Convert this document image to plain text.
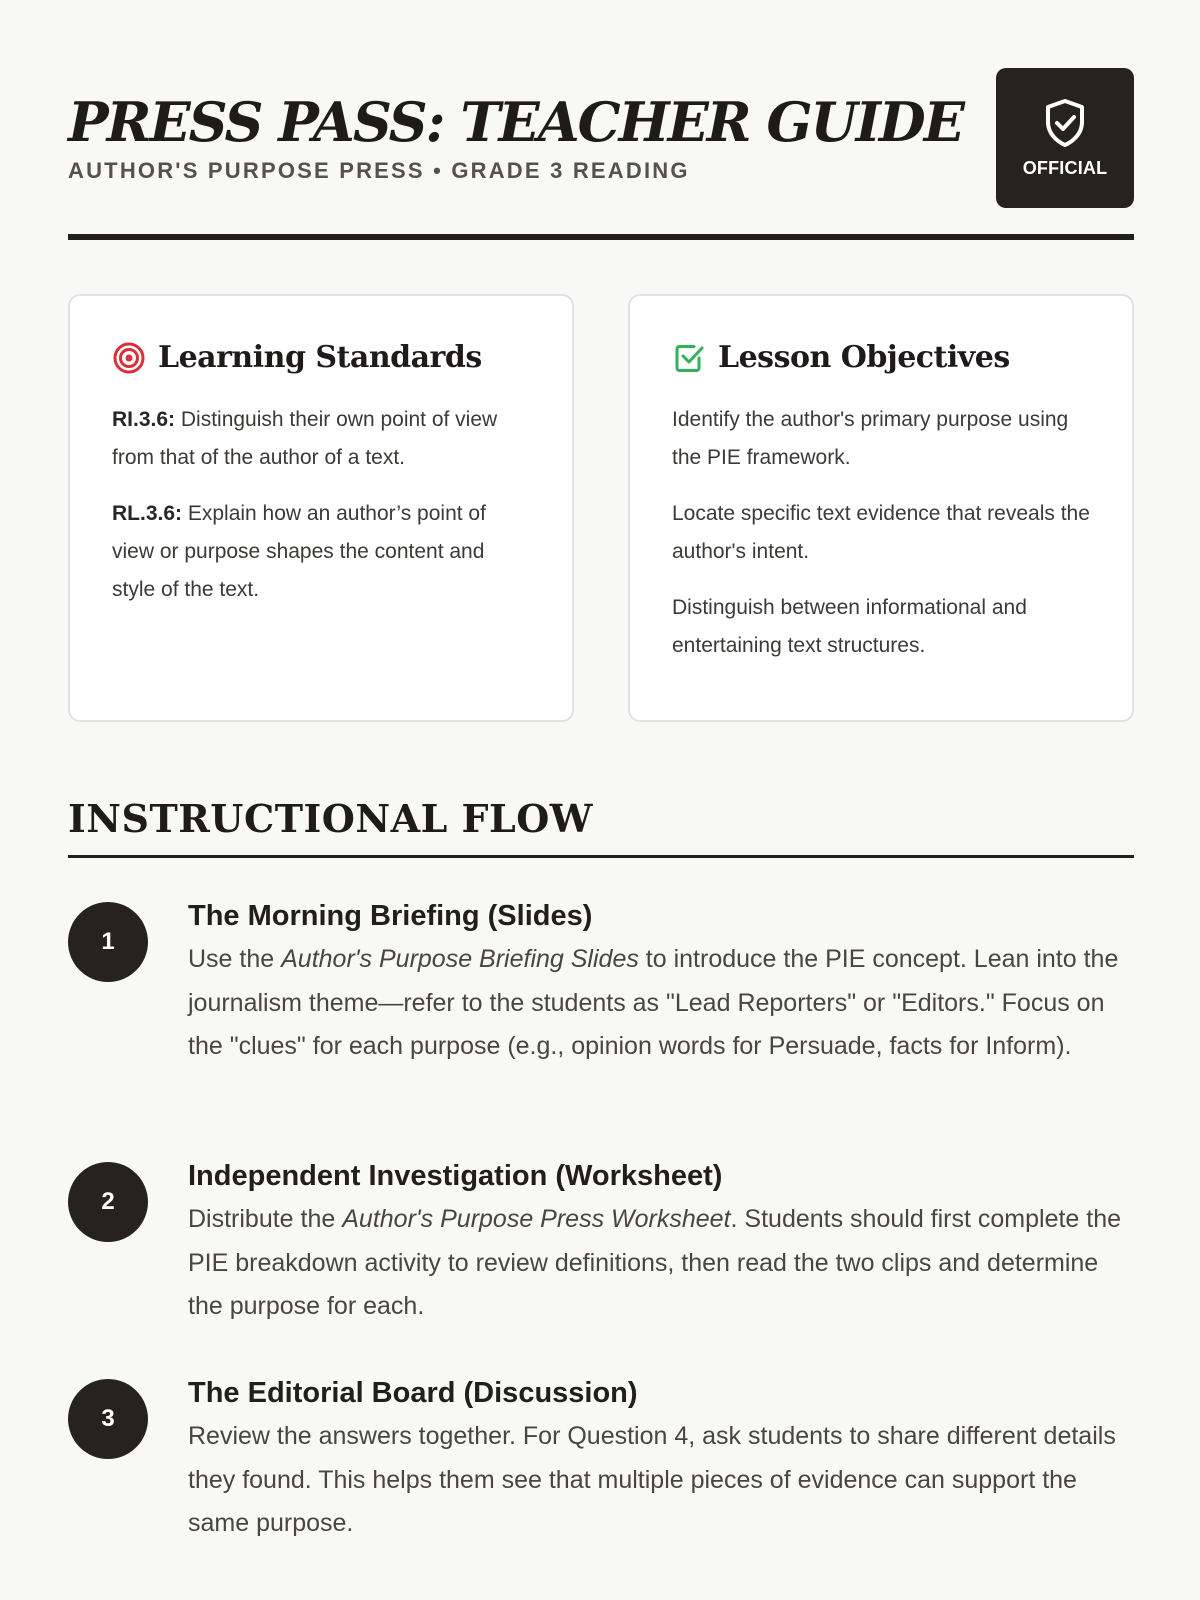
PRESS PASS: TEACHER GUIDE
AUTHOR'S PURPOSE PRESS • GRADE 3 READING	OFFICIAL
Learning Standards

RI.3.6: Distinguish their own point of view from that of the author of a text.

RL.3.6: Explain how an author’s point of view or purpose shapes the content and style of the text.

Lesson Objectives

Identify the author's primary purpose using the PIE framework.

Locate specific text evidence that reveals the author's intent.

Distinguish between informational and entertaining text structures.

INSTRUCTIONAL FLOW
1
The Morning Briefing (Slides)
Use the Author's Purpose Briefing Slides to introduce the PIE concept. Lean into the journalism theme—refer to the students as "Lead Reporters" or "Editors." Focus on the "clues" for each purpose (e.g., opinion words for Persuade, facts for Inform).
2
Independent Investigation (Worksheet)
Distribute the Author's Purpose Press Worksheet. Students should first complete the PIE breakdown activity to review definitions, then read the two clips and determine the purpose for each.
3
The Editorial Board (Discussion)
Review the answers together. For Question 4, ask students to share different details they found. This helps them see that multiple pieces of evidence can support the same purpose.
